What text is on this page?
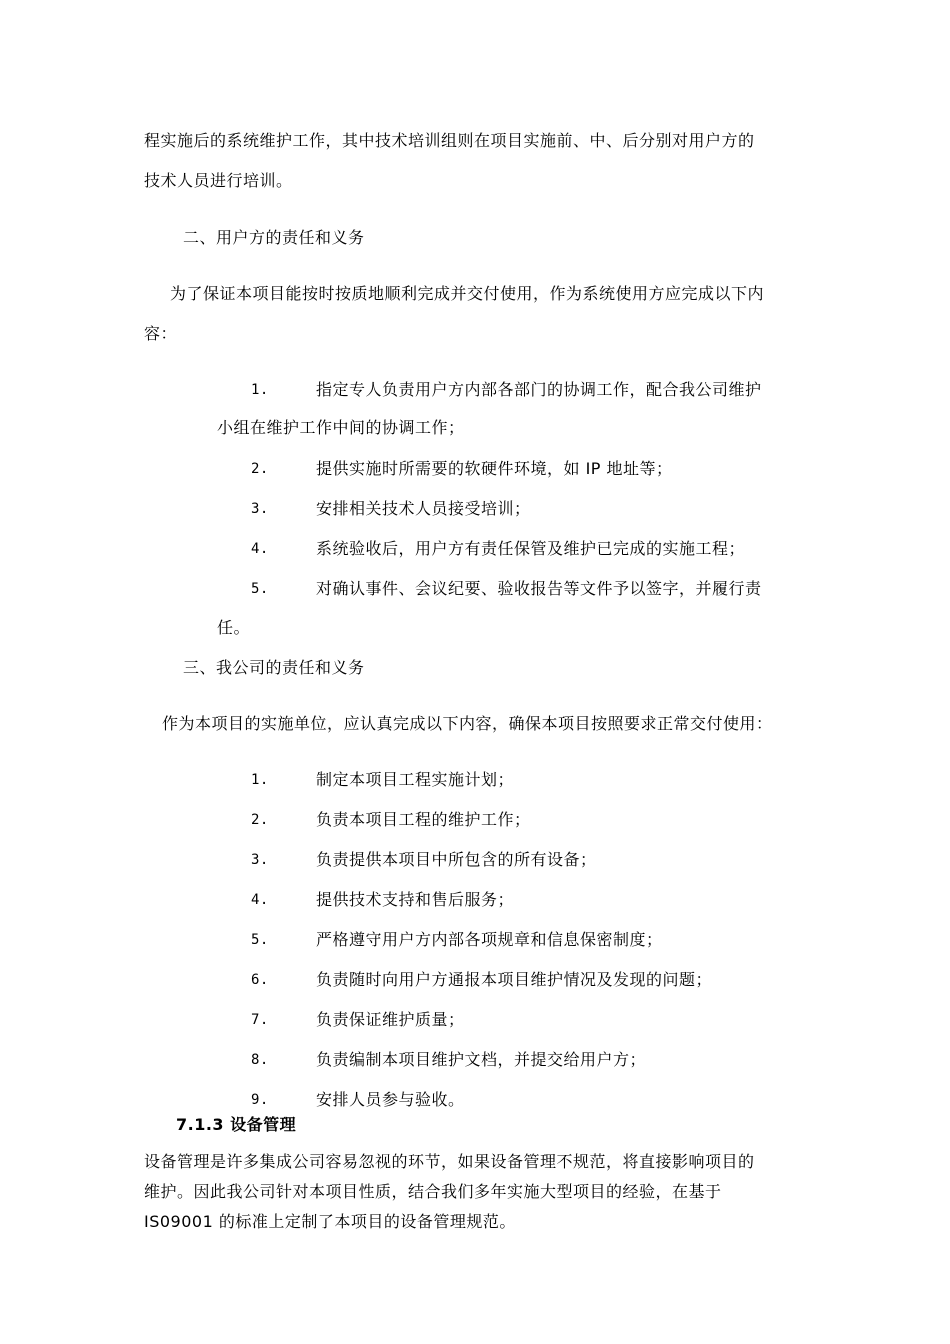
程实施后的系统维护工作，其中技术培训组则在项目实施前、中、后分别对用户方的
技术人员进行培训。
二、用户方的责任和义务
为了保证本项目能按时按质地顺利完成并交付使用，作为系统使用方应完成以下内
容：
1.	指定专人负责用户方内部各部门的协调工作，配合我公司维护
小组在维护工作中间的协调工作；
2.	提供实施时所需要的软硬件环境，如 IP 地址等；
3.	安排相关技术人员接受培训；
4.	系统验收后，用户方有责任保管及维护已完成的实施工程；
5.	对确认事件、会议纪要、验收报告等文件予以签字，并履行责
任。
三、我公司的责任和义务
作为本项目的实施单位，应认真完成以下内容，确保本项目按照要求正常交付使用：
1.	制定本项目工程实施计划；
2.	负责本项目工程的维护工作；
3.	负责提供本项目中所包含的所有设备；
4.	提供技术支持和售后服务；
5.	严格遵守用户方内部各项规章和信息保密制度；
6.	负责随时向用户方通报本项目维护情况及发现的问题；
7.	负责保证维护质量；
8.	负责编制本项目维护文档，并提交给用户方；
9.	安排人员参与验收。
7.1.3 设备管理
设备管理是许多集成公司容易忽视的环节，如果设备管理不规范，将直接影响项目的
维护。因此我公司针对本项目性质，结合我们多年实施大型项目的经验，在基于
IS09001 的标准上定制了本项目的设备管理规范。
